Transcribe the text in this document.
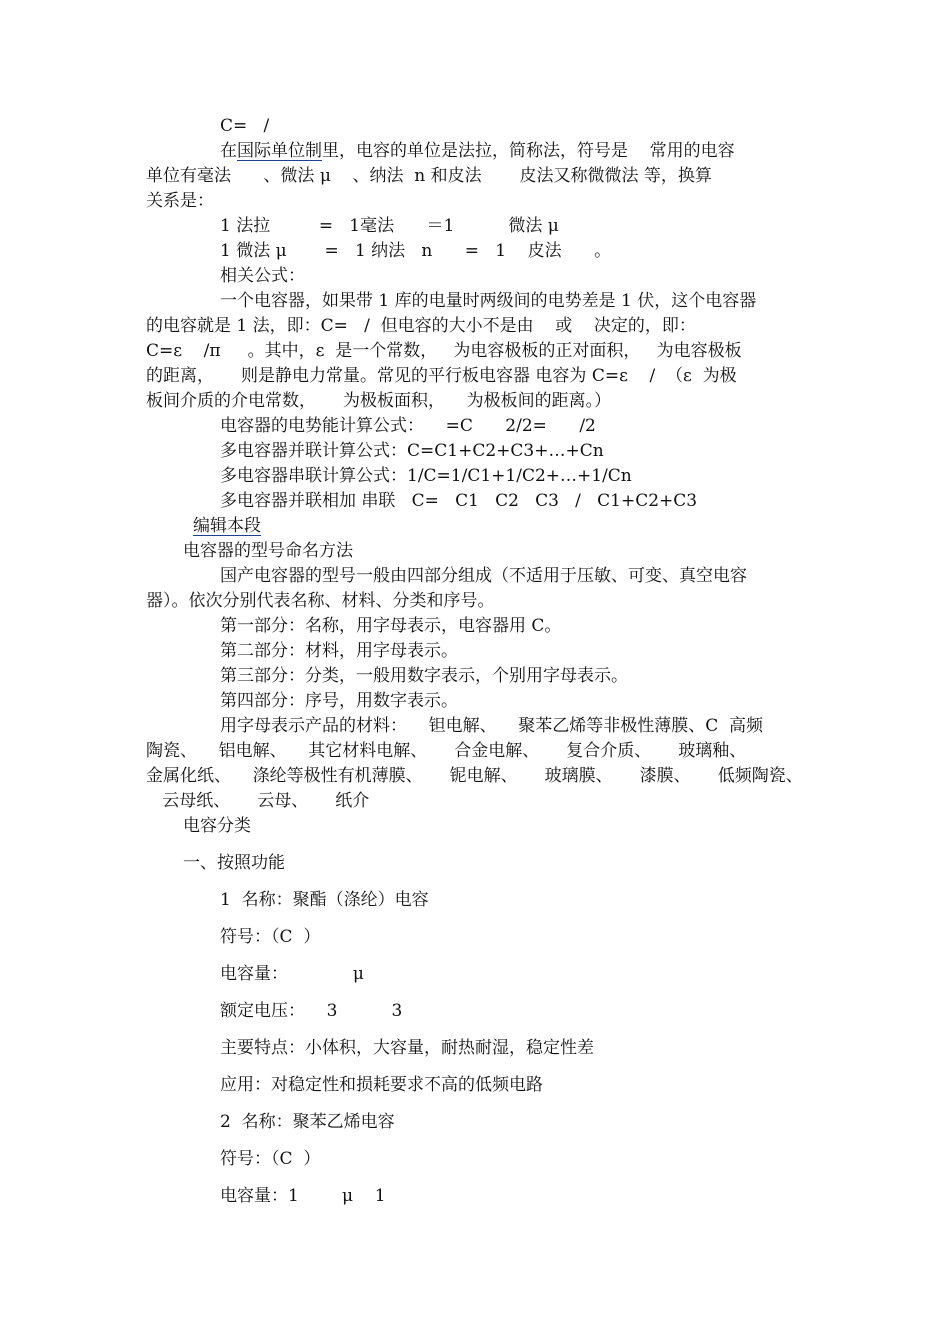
C=   /

在国际单位制里，电容的单位是法拉，简称法，符号是    常用的电容

单位有毫法      、微法 μ    、纳法  n 和皮法       皮法又称微微法 等，换算

关系是：

1 法拉         =   1毫法      ＝1          微法 μ

1 微法 μ       =   1 纳法   n      =   1    皮法      。

相关公式：

一个电容器，如果带 1 库的电量时两级间的电势差是 1 伏，这个电容器

的电容就是 1 法，即：C=   /  但电容的大小不是由    或    决定的，即：

C=ε    /π     。其中，ε  是一个常数，   为电容极板的正对面积，   为电容极板

的距离，     则是静电力常量。常见的平行板电容器 电容为 C=ε    /  （ε  为极

板间介质的介电常数，     为极板面积，    为极板间的距离。）

电容器的电势能计算公式：    =C      2/2=      /2

多电容器并联计算公式：C=C1+C2+C3+…+Cn

多电容器串联计算公式：1/C=1/C1+1/C2+…+1/Cn

多电容器并联相加 串联   C=   C1   C2   C3   /   C1+C2+C3

编辑本段

电容器的型号命名方法

国产电容器的型号一般由四部分组成（不适用于压敏、可变、真空电容

器）。依次分别代表名称、材料、分类和序号。

第一部分：名称，用字母表示，电容器用 C。

第二部分：材料，用字母表示。

第三部分：分类，一般用数字表示，个别用字母表示。

第四部分：序号，用数字表示。

用字母表示产品的材料：    钽电解、    聚苯乙烯等非极性薄膜、C  高频

陶瓷、    铝电解、    其它材料电解、     合金电解、     复合介质、     玻璃釉、

金属化纸、    涤纶等极性有机薄膜、     铌电解、     玻璃膜、     漆膜、     低频陶瓷、

云母纸、     云母、     纸介

电容分类

一、按照功能

1  名称：聚酯（涤纶）电容

符号：（C  ）

电容量：            μ

额定电压：    3          3

主要特点：小体积，大容量，耐热耐湿，稳定性差

应用：对稳定性和损耗要求不高的低频电路

2  名称：聚苯乙烯电容

符号：（C  ）

电容量：1        μ    1
